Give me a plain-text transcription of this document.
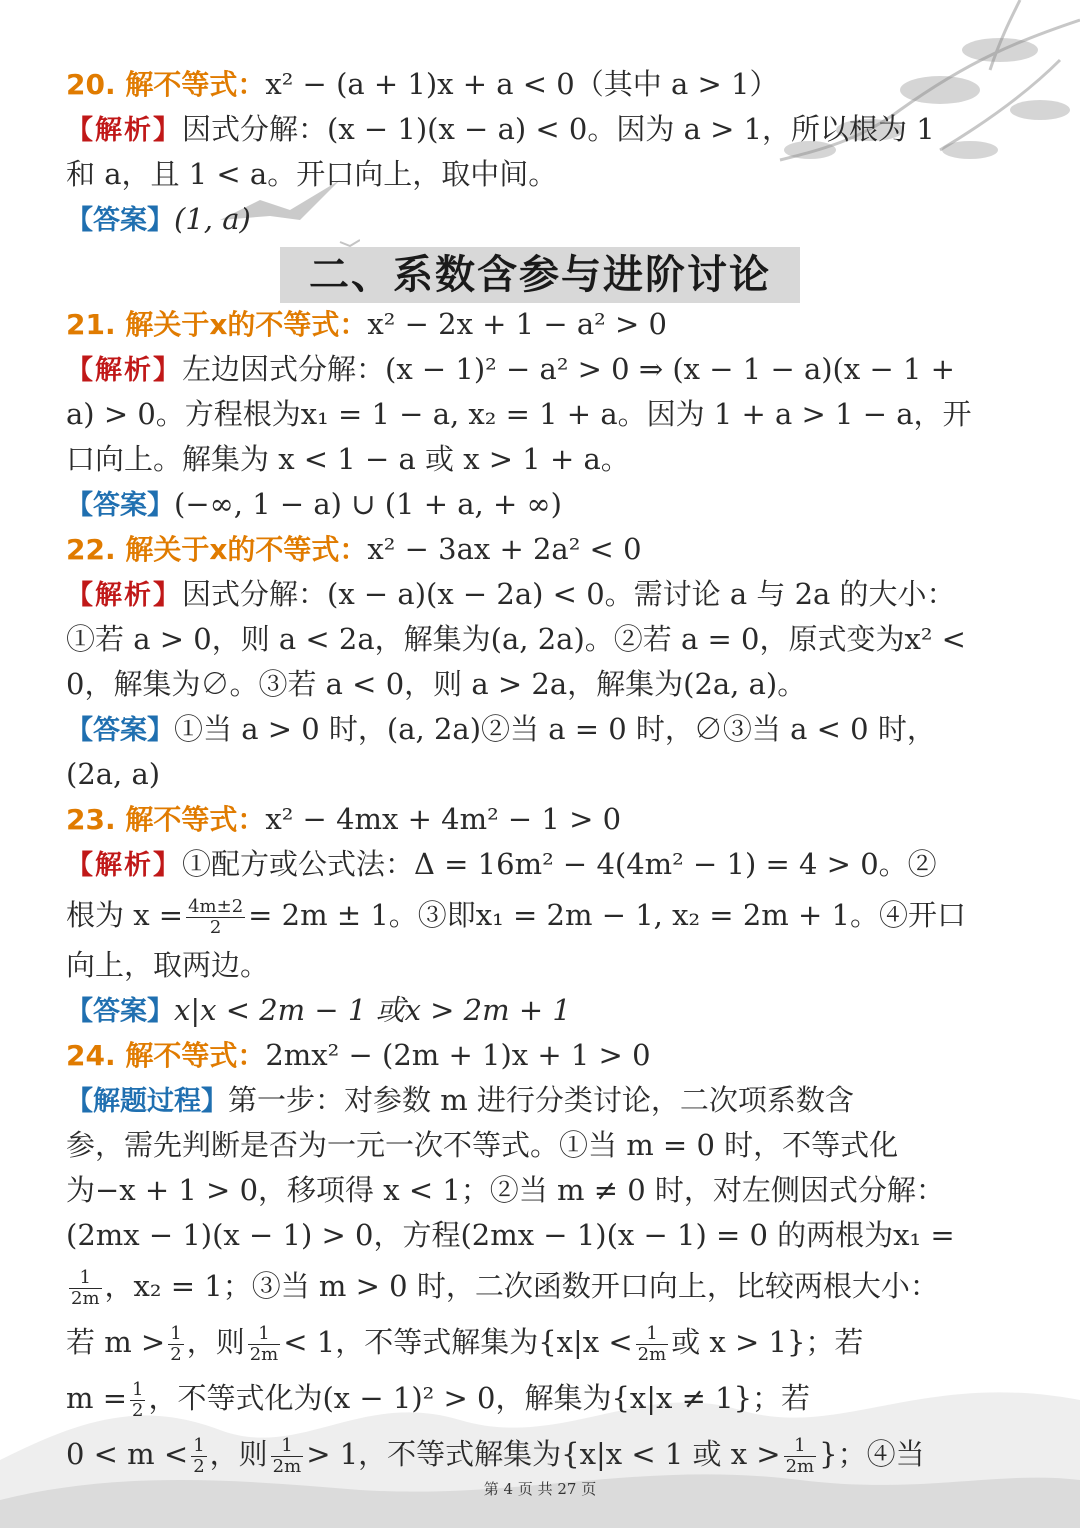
20. 解不等式：x² − (a + 1)x + a < 0（其中 a > 1）
【解析】因式分解：(x − 1)(x − a) < 0。因为 a > 1，所以根为 1
和 a，且 1 < a。开口向上，取中间。
【答案】(1, a)
21. 解关于x的不等式：x² − 2x + 1 − a² > 0
【解析】左边因式分解：(x − 1)² − a² > 0 ⇒ (x − 1 − a)(x − 1 +
a) > 0。方程根为x₁ = 1 − a, x₂ = 1 + a。因为 1 + a > 1 − a，开
口向上。解集为 x < 1 − a 或 x > 1 + a。
【答案】(−∞, 1 − a) ∪ (1 + a, + ∞)
22. 解关于x的不等式：x² − 3ax + 2a² < 0
【解析】因式分解：(x − a)(x − 2a) < 0。需讨论 a 与 2a 的大小：
①若 a > 0，则 a < 2a，解集为(a, 2a)。②若 a = 0，原式变为x² <
0，解集为∅。③若 a < 0，则 a > 2a，解集为(2a, a)。
【答案】①当 a > 0 时，(a, 2a)②当 a = 0 时，∅③当 a < 0 时，
(2a, a)
23. 解不等式：x² − 4mx + 4m² − 1 > 0
【解析】①配方或公式法：Δ = 16m² − 4(4m² − 1) = 4 > 0。②
根为 $x = \frac{4m\pm 2}{2} = 2m \pm 1$。③即x₁ = 2m − 1, x₂ = 2m + 1。④开口
向上，取两边。
【答案】x|x < 2m − 1 或x > 2m + 1
24. 解不等式：2mx² − (2m + 1)x + 1 > 0
【解题过程】第一步：对参数 m 进行分类讨论，二次项系数含
参，需先判断是否为一元一次不等式。①当 m = 0 时，不等式化
为−x + 1 > 0，移项得 x < 1；②当 m ≠ 0 时，对左侧因式分解：
(2mx − 1)(x − 1) > 0，方程(2mx − 1)(x − 1) = 0 的两根为x₁ =
$\frac{1}{2m}$ ，x₂ = 1；③当 m > 0 时，二次函数开口向上，比较两根大小：
若 $m > \frac{1}{2}$ ，则 $\frac{1}{2m} < 1$，不等式解集为{$x|x < \frac{1}{2m}$ 或 x > 1}；若
$m = \frac{1}{2}$ ，不等式化为(x − 1)² > 0，解集为{x|x ≠ 1}；若
$0 < m < \frac{1}{2}$ ，则 $\frac{1}{2m} > 1$，不等式解集为{x|x < 1 或 $x > \frac{1}{2m}$ }；④当
二、系数含参与进阶讨论
第 4 页 共 27 页
